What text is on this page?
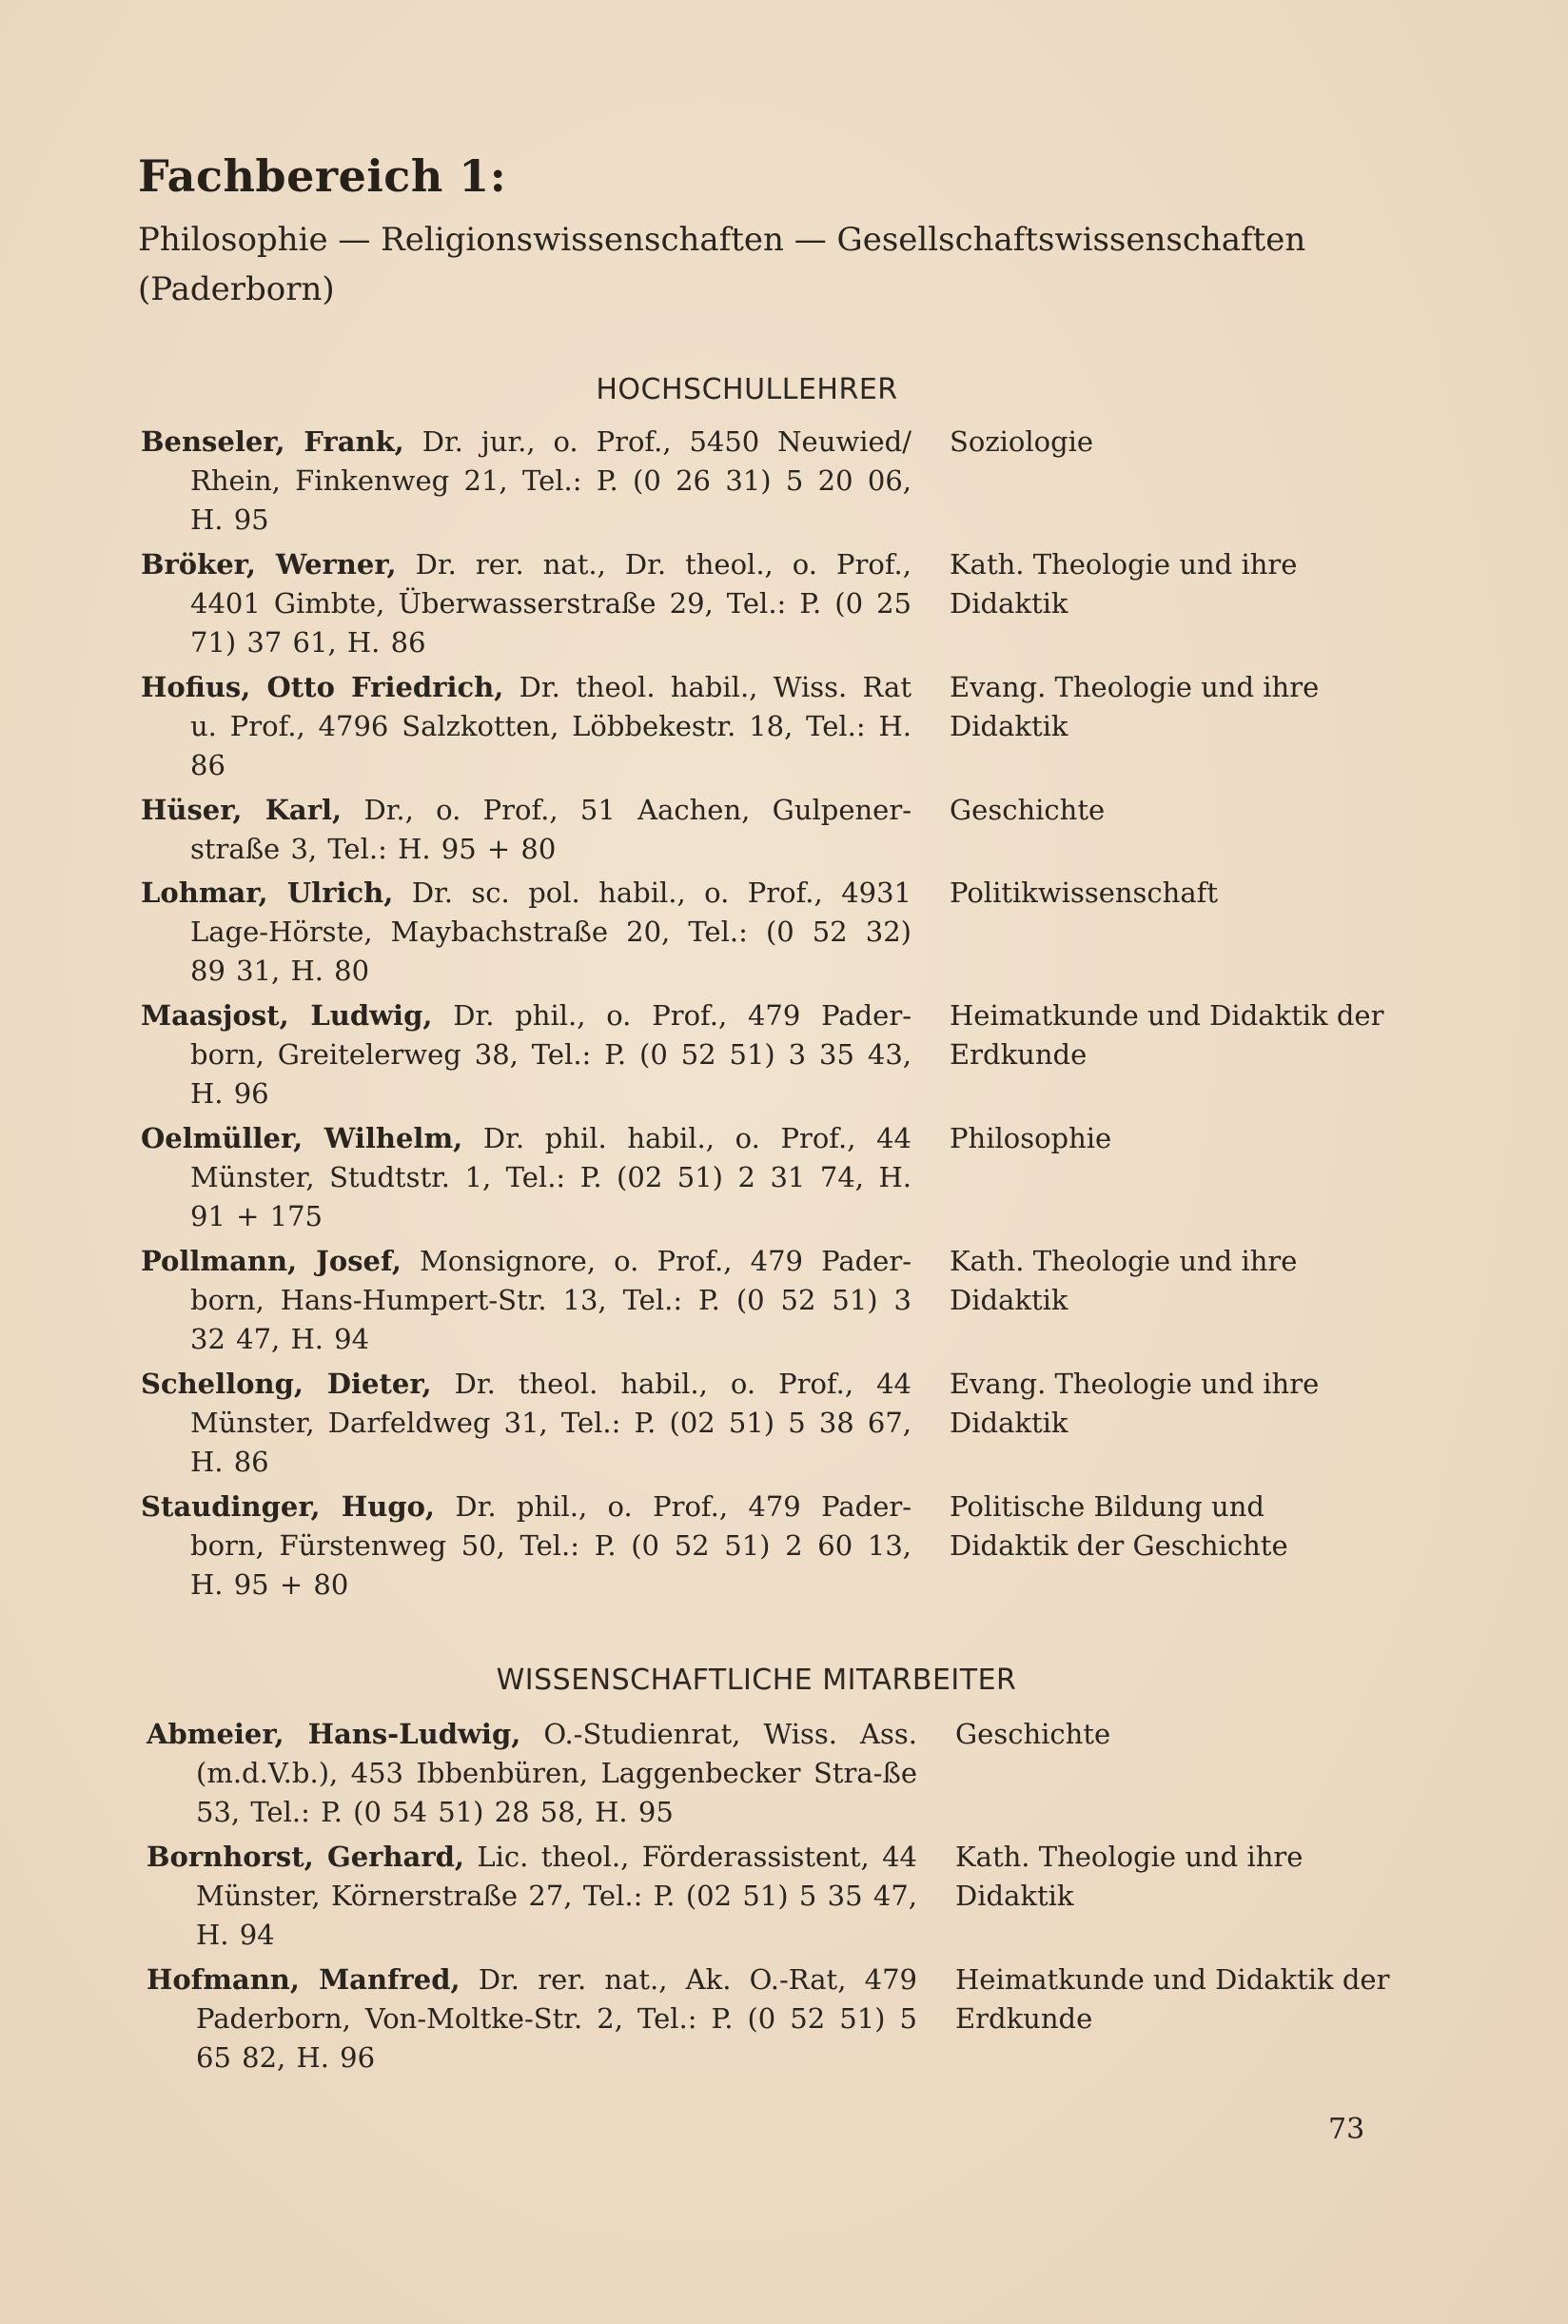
Fachbereich 1:
Philosophie — Religionswissenschaften — Gesellschaftswissenschaften
(Paderborn)
HOCHSCHULLEHRER
Benseler, Frank, Dr. jur., o. Prof., 5450 Neuwied/ Rhein, Finkenweg 21, Tel.: P. (0 26 31) 5 20 06, H. 95
Soziologie
Bröker, Werner, Dr. rer. nat., Dr. theol., o. Prof., 4401 Gimbte, Überwasserstraße 29, Tel.: P. (0 25 71) 37 61, H. 86
Kath. Theologie und ihre Didaktik
Hofius, Otto Friedrich, Dr. theol. habil., Wiss. Rat u. Prof., 4796 Salzkotten, Löbbekestr. 18, Tel.: H. 86
Evang. Theologie und ihre Didaktik
Hüser, Karl, Dr., o. Prof., 51 Aachen, Gulpener-straße 3, Tel.: H. 95 + 80
Geschichte
Lohmar, Ulrich, Dr. sc. pol. habil., o. Prof., 4931 Lage-Hörste, Maybachstraße 20, Tel.: (0 52 32) 89 31, H. 80
Politikwissenschaft
Maasjost, Ludwig, Dr. phil., o. Prof., 479 Pader-born, Greitelerweg 38, Tel.: P. (0 52 51) 3 35 43, H. 96
Heimatkunde und Didaktik der Erdkunde
Oelmüller, Wilhelm, Dr. phil. habil., o. Prof., 44 Münster, Studtstr. 1, Tel.: P. (02 51) 2 31 74, H. 91 + 175
Philosophie
Pollmann, Josef, Monsignore, o. Prof., 479 Pader-born, Hans-Humpert-Str. 13, Tel.: P. (0 52 51) 3 32 47, H. 94
Kath. Theologie und ihre Didaktik
Schellong, Dieter, Dr. theol. habil., o. Prof., 44 Münster, Darfeldweg 31, Tel.: P. (02 51) 5 38 67, H. 86
Evang. Theologie und ihre Didaktik
Staudinger, Hugo, Dr. phil., o. Prof., 479 Pader-born, Fürstenweg 50, Tel.: P. (0 52 51) 2 60 13, H. 95 + 80
Politische Bildung und Didaktik der Geschichte
WISSENSCHAFTLICHE MITARBEITER
Abmeier, Hans-Ludwig, O.-Studienrat, Wiss. Ass. (m.d.V.b.), 453 Ibbenbüren, Laggenbecker Stra-ße 53, Tel.: P. (0 54 51) 28 58, H. 95
Geschichte
Bornhorst, Gerhard, Lic. theol., Förderassistent, 44 Münster, Körnerstraße 27, Tel.: P. (02 51) 5 35 47, H. 94
Kath. Theologie und ihre Didaktik
Hofmann, Manfred, Dr. rer. nat., Ak. O.-Rat, 479 Paderborn, Von-Moltke-Str. 2, Tel.: P. (0 52 51) 5 65 82, H. 96
Heimatkunde und Didaktik der Erdkunde
73
